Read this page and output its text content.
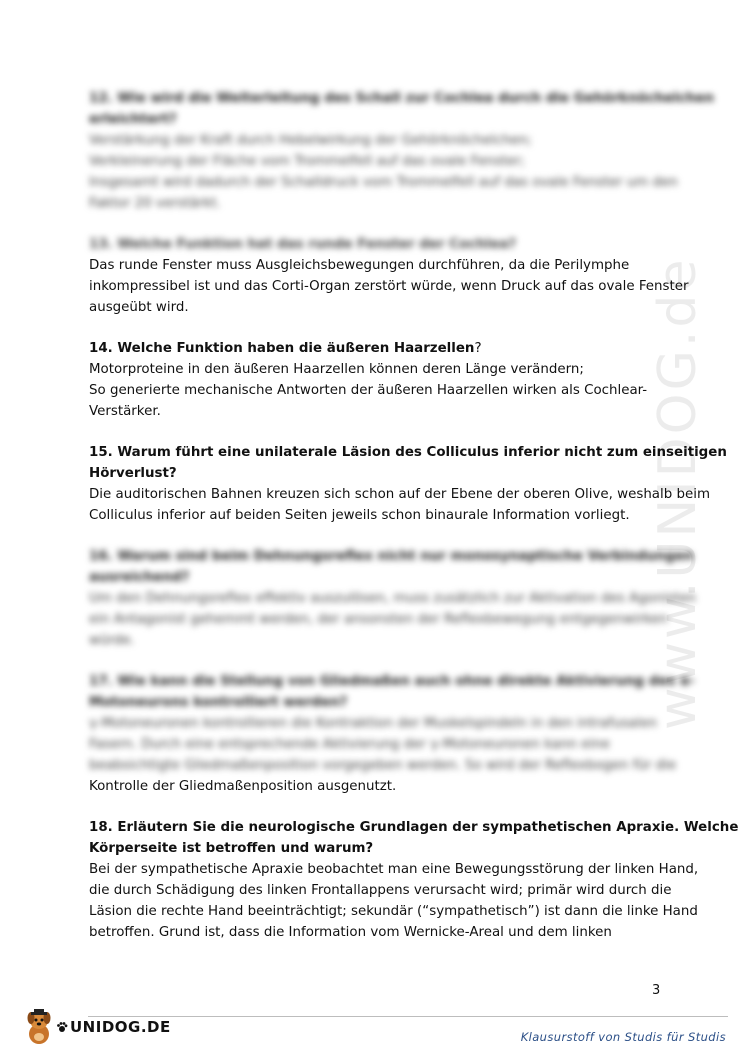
www.UNIDOG.de
12. Wie wird die Weiterleitung des Schall zur Cochlea durch die Gehörknöchelchen
erleichtert?
Verstärkung der Kraft durch Hebelwirkung der Gehörknöchelchen;
Verkleinerung der Fläche vom Trommelfell auf das ovale Fenster;
Insgesamt wird dadurch der Schalldruck vom Trommelfell auf das ovale Fenster um den
Faktor 20 verstärkt.
13. Welche Funktion hat das runde Fenster der Cochlea?
Das runde Fenster muss Ausgleichsbewegungen durchführen, da die Perilymphe
inkompressibel ist und das Corti-Organ zerstört würde, wenn Druck auf das ovale Fenster
ausgeübt wird.
14. Welche Funktion haben die äußeren Haarzellen?
Motorproteine in den äußeren Haarzellen können deren Länge verändern;
So generierte mechanische Antworten der äußeren Haarzellen wirken als Cochlear-
Verstärker.
15. Warum führt eine unilaterale Läsion des Colliculus inferior nicht zum einseitigen
Hörverlust?
Die auditorischen Bahnen kreuzen sich schon auf der Ebene der oberen Olive, weshalb beim
Colliculus inferior auf beiden Seiten jeweils schon binaurale Information vorliegt.
16. Warum sind beim Dehnungsreflex nicht nur monosynaptische Verbindungen
ausreichend?
Um den Dehnungsreflex effektiv auszulösen, muss zusätzlich zur Aktivation des Agonisten
ein Antagonist gehemmt werden, der ansonsten der Reflexbewegung entgegenwirken
würde.
17. Wie kann die Stellung von Gliedmaßen auch ohne direkte Aktivierung des α-
Motoneurons kontrolliert werden?
γ-Motoneuronen kontrollieren die Kontraktion der Muskelspindeln in den intrafusalen
Fasern. Durch eine entsprechende Aktivierung der γ-Motoneuronen kann eine
beabsichtigte Gliedmaßenposition vorgegeben werden. So wird der Reflexbogen für die
Kontrolle der Gliedmaßenposition ausgenutzt.
18. Erläutern Sie die neurologische Grundlagen der sympathetischen Apraxie. Welche
Körperseite ist betroffen und warum?
Bei der sympathetische Apraxie beobachtet man eine Bewegungsstörung der linken Hand,
die durch Schädigung des linken Frontallappens verursacht wird; primär wird durch die
Läsion die rechte Hand beeinträchtigt; sekundär (“sympathetisch”) ist dann die linke Hand
betroffen. Grund ist, dass die Information vom Wernicke-Areal und dem linken
3
UNIDOG.DE
Klausurstoff von Studis für Studis
